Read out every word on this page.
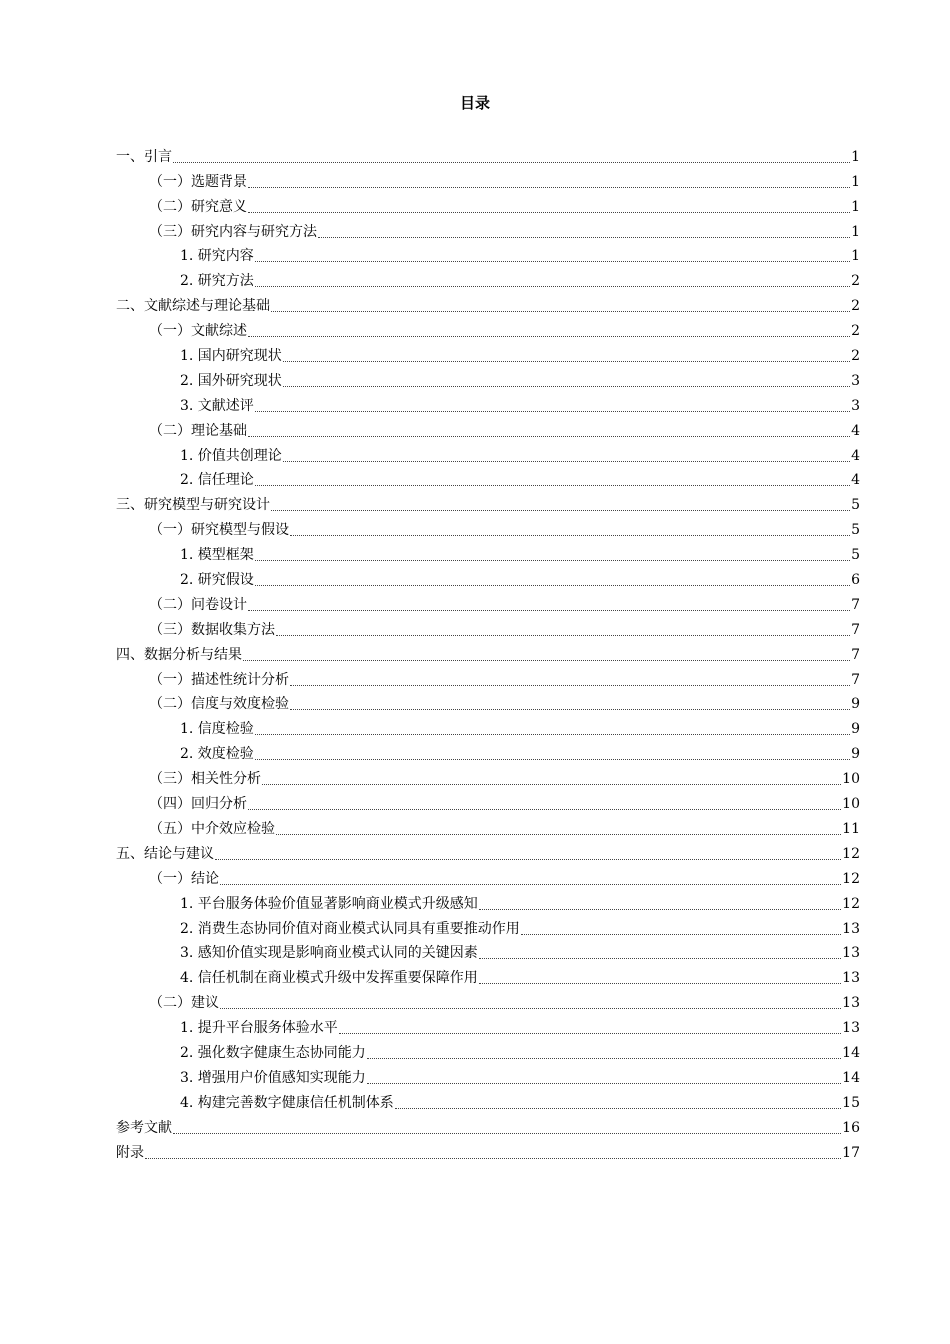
目录
一、引言	1
（一）选题背景	1
（二）研究意义	1
（三）研究内容与研究方法	1
1. 研究内容	1
2. 研究方法	2
二、文献综述与理论基础	2
（一）文献综述	2
1. 国内研究现状	2
2. 国外研究现状	3
3. 文献述评	3
（二）理论基础	4
1. 价值共创理论	4
2. 信任理论	4
三、研究模型与研究设计	5
（一）研究模型与假设	5
1. 模型框架	5
2. 研究假设	6
（二）问卷设计	7
（三）数据收集方法	7
四、数据分析与结果	7
（一）描述性统计分析	7
（二）信度与效度检验	9
1. 信度检验	9
2. 效度检验	9
（三）相关性分析	10
（四）回归分析	10
（五）中介效应检验	11
五、结论与建议	12
（一）结论	12
1. 平台服务体验价值显著影响商业模式升级感知	12
2. 消费生态协同价值对商业模式认同具有重要推动作用	13
3. 感知价值实现是影响商业模式认同的关键因素	13
4. 信任机制在商业模式升级中发挥重要保障作用	13
（二）建议	13
1. 提升平台服务体验水平	13
2. 强化数字健康生态协同能力	14
3. 增强用户价值感知实现能力	14
4. 构建完善数字健康信任机制体系	15
参考文献	16
附录	17
